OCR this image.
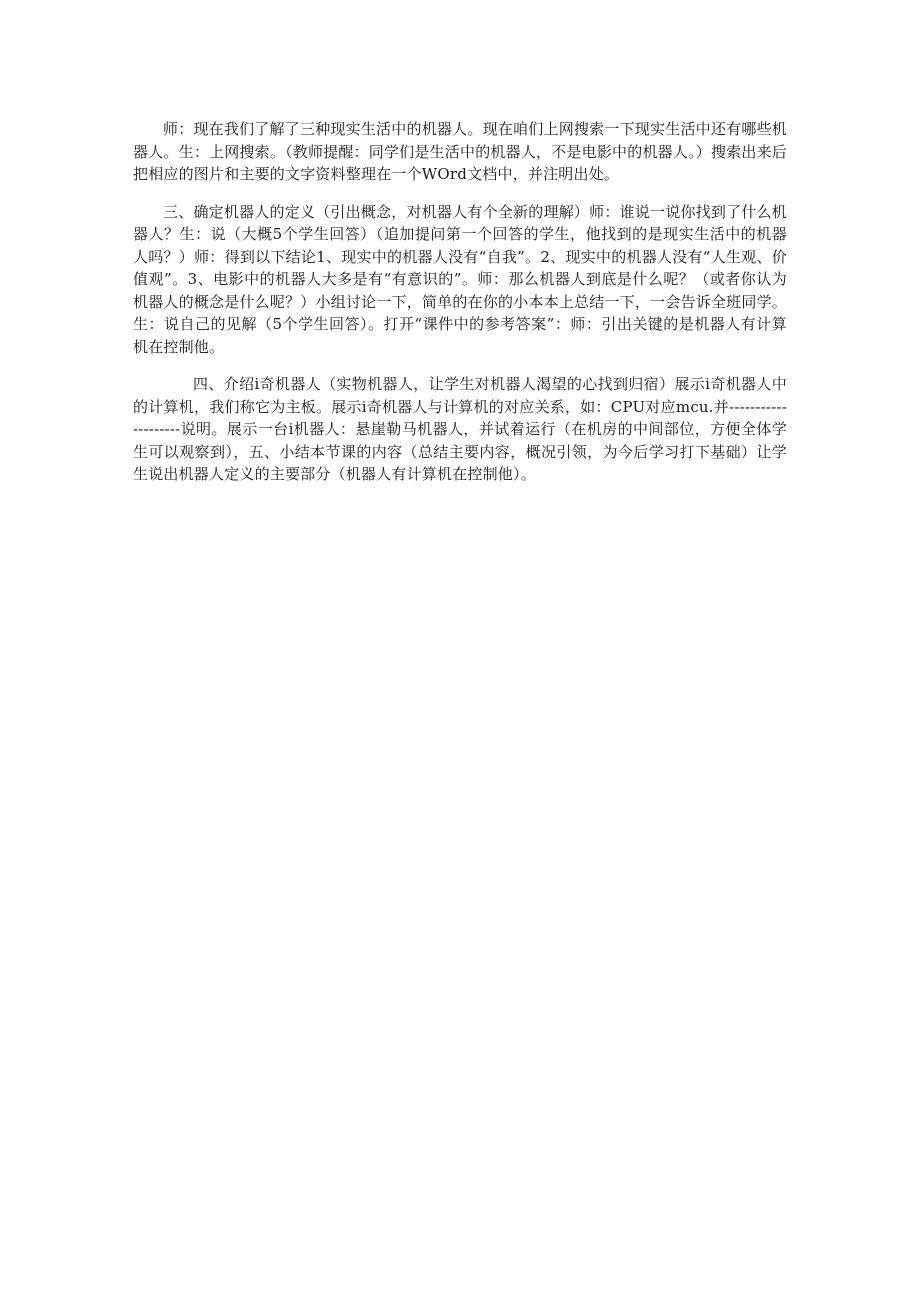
师：现在我们了解了三种现实生活中的机器人。现在咱们上网搜索一下现实生活中还有哪些机器人。生：上网搜索。（教师提醒：同学们是生活中的机器人，不是电影中的机器人。）搜索出来后把相应的图片和主要的文字资料整理在一个WOrd文档中，并注明出处。

三、确定机器人的定义（引出概念，对机器人有个全新的理解）师：谁说一说你找到了什么机器人？生：说（大概5个学生回答）（追加提问第一个回答的学生，他找到的是现实生活中的机器人吗？）师：得到以下结论1、现实中的机器人没有“自我”。2、现实中的机器人没有“人生观、价值观”。3、电影中的机器人大多是有“有意识的”。师：那么机器人到底是什么呢？（或者你认为机器人的概念是什么呢？）小组讨论一下，简单的在你的小本本上总结一下，一会告诉全班同学。生：说自己的见解（5个学生回答）。打开“课件中的参考答案”：师：引出关键的是机器人有计算机在控制他。

四、介绍i奇机器人（实物机器人，让学生对机器人渴望的心找到归宿）展示i奇机器人中的计算机，我们称它为主板。展示i奇机器人与计算机的对应关系，如：CPU对应mcu.并--------------------说明。展示一台i机器人：悬崖勒马机器人，并试着运行（在机房的中间部位，方便全体学生可以观察到），五、小结本节课的内容（总结主要内容，概况引领，为今后学习打下基础）让学生说出机器人定义的主要部分（机器人有计算机在控制他）。
